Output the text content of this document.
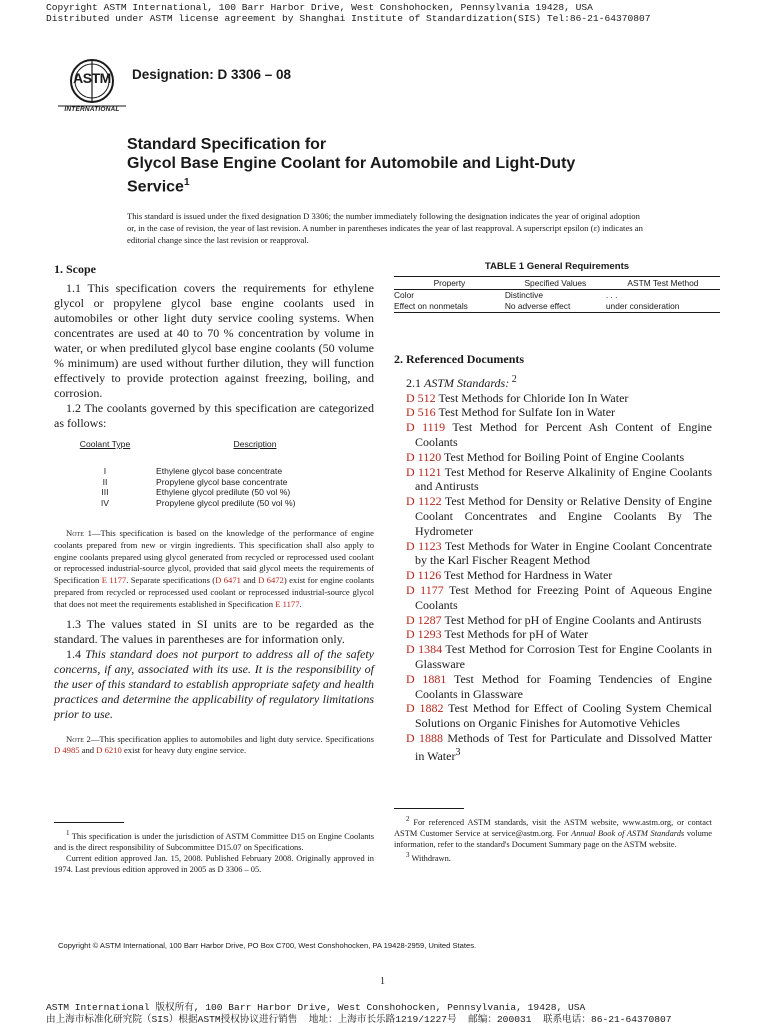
Copyright ASTM International, 100 Barr Harbor Drive, West Conshohocken, Pennsylvania 19428, USA
Distributed under ASTM license agreement by Shanghai Institute of Standardization(SIS) Tel:86-21-64370807
ASTM
INTERNATIONAL
Designation: D 3306 – 08
Standard Specification for
Glycol Base Engine Coolant for Automobile and Light-Duty
Service$^1$
This standard is issued under the fixed designation D 3306; the number immediately following the designation indicates the year of original adoption or, in the case of revision, the year of last revision. A number in parentheses indicates the year of last reapproval. A superscript epsilon (ε) indicates an editorial change since the last revision or reapproval.
1. Scope

1.1 This specification covers the requirements for ethylene glycol or propylene glycol base engine coolants used in automobiles or other light duty service cooling systems. When concentrates are used at 40 to 70 % concentration by volume in water, or when prediluted glycol base engine coolants (50 volume % minimum) are used without further dilution, they will function effectively to provide protection against freezing, boiling, and corrosion.

1.2 The coolants governed by this specification are categorized as follows:

Coolant Type	Description
I	Ethylene glycol base concentrate
II	Propylene glycol base concentrate
III	Ethylene glycol predilute (50 vol %)
IV	Propylene glycol predilute (50 vol %)

Note 1—This specification is based on the knowledge of the performance of engine coolants prepared from new or virgin ingredients. This specification shall also apply to engine coolants prepared using glycol generated from recycled or reprocessed used coolant or reprocessed industrial-source glycol, provided that said glycol meets the requirements of Specification E 1177. Separate specifications (D 6471 and D 6472) exist for engine coolants prepared from recycled or reprocessed used coolant or reprocessed industrial-source glycol that does not meet the requirements established in Specification E 1177.

1.3 The values stated in SI units are to be regarded as the standard. The values in parentheses are for information only.

1.4 This standard does not purport to address all of the safety concerns, if any, associated with its use. It is the responsibility of the user of this standard to establish appropriate safety and health practices and determine the applicability of regulatory limitations prior to use.

Note 2—This specification applies to automobiles and light duty service. Specifications D 4985 and D 6210 exist for heavy duty engine service.

$^1$ This specification is under the jurisdiction of ASTM Committee D15 on Engine Coolants and is the direct responsibility of Subcommittee D15.07 on Specifications.

Current edition approved Jan. 15, 2008. Published February 2008. Originally approved in 1974. Last previous edition approved in 2005 as D 3306 – 05.

TABLE 1 General Requirements
Property	Specified Values	ASTM Test Method
Color	Distinctive	. . .
Effect on nonmetals	No adverse effect	under consideration
2. Referenced Documents
2.1 ASTM Standards: $^2$
D 512 Test Methods for Chloride Ion In Water
D 516 Test Method for Sulfate Ion in Water
D 1119 Test Method for Percent Ash Content of Engine Coolants
D 1120 Test Method for Boiling Point of Engine Coolants
D 1121 Test Method for Reserve Alkalinity of Engine Coolants and Antirusts
D 1122 Test Method for Density or Relative Density of Engine Coolant Concentrates and Engine Coolants By The Hydrometer
D 1123 Test Methods for Water in Engine Coolant Concentrate by the Karl Fischer Reagent Method
D 1126 Test Method for Hardness in Water
D 1177 Test Method for Freezing Point of Aqueous Engine Coolants
D 1287 Test Method for pH of Engine Coolants and Antirusts
D 1293 Test Methods for pH of Water
D 1384 Test Method for Corrosion Test for Engine Coolants in Glassware
D 1881 Test Method for Foaming Tendencies of Engine Coolants in Glassware
D 1882 Test Method for Effect of Cooling System Chemical Solutions on Organic Finishes for Automotive Vehicles
D 1888 Methods of Test for Particulate and Dissolved Matter in Water$^3$

$^2$ For referenced ASTM standards, visit the ASTM website, www.astm.org, or contact ASTM Customer Service at service@astm.org. For Annual Book of ASTM Standards volume information, refer to the standard's Document Summary page on the ASTM website.

$^3$ Withdrawn.

Copyright © ASTM International, 100 Barr Harbor Drive, PO Box C700, West Conshohocken, PA 19428-2959, United States.
1
ASTM International 版权所有, 100 Barr Harbor Drive, West Conshohocken, Pennsylvania, 19428, USA
由上海市标准化研究院（SIS）根据ASTM授权协议进行销售  地址：上海市长乐路1219/1227号  邮编：200031  联系电话：86-21-64370807
